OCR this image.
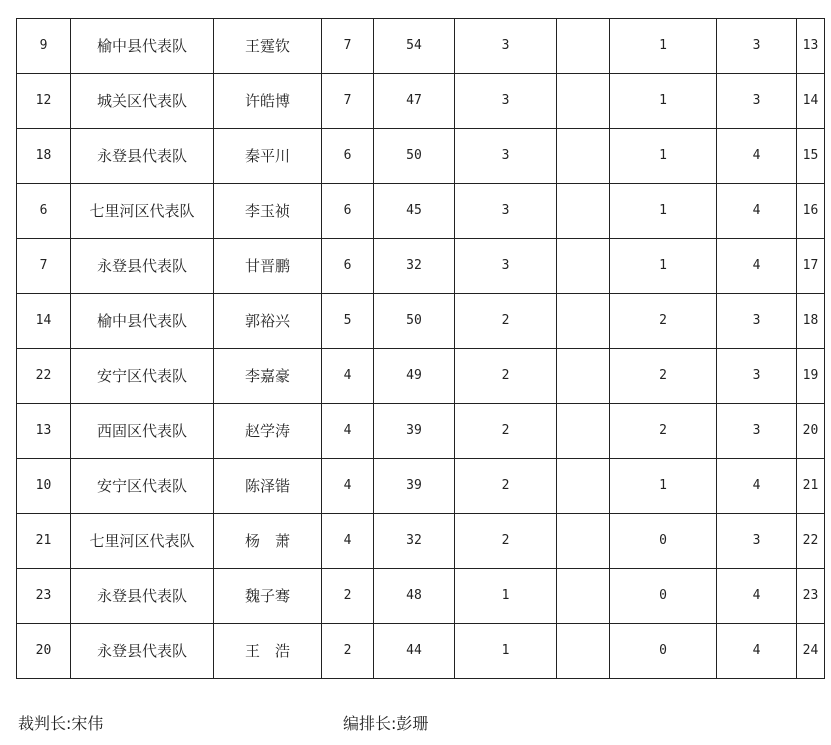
9	榆中县代表队	王霆钦	7	54	3		1	3	13
12	城关区代表队	许皓博	7	47	3		1	3	14
18	永登县代表队	秦平川	6	50	3		1	4	15
6	七里河区代表队	李玉祯	6	45	3		1	4	16
7	永登县代表队	甘晋鹏	6	32	3		1	4	17
14	榆中县代表队	郭裕兴	5	50	2		2	3	18
22	安宁区代表队	李嘉豪	4	49	2		2	3	19
13	西固区代表队	赵学涛	4	39	2		2	3	20
10	安宁区代表队	陈泽锴	4	39	2		1	4	21
21	七里河区代表队	杨　萧	4	32	2		0	3	22
23	永登县代表队	魏子骞	2	48	1		0	4	23
20	永登县代表队	王　浩	2	44	1		0	4	24
裁判长:宋伟	编排长:彭珊
